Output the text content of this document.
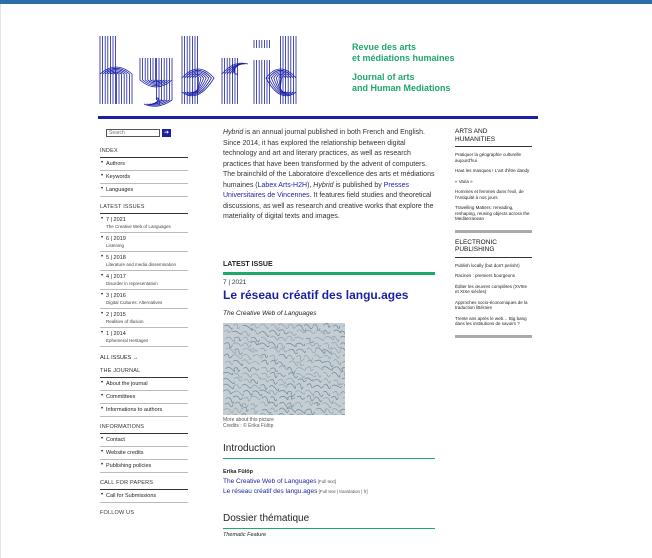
Revue des arts
et médiations humaines
Journal of arts
and Human Mediations
Search
➔
INDEX
• Authors
• Keywords
• Languages
LATEST ISSUES
• 7 | 2021
The Creative Web of Languages
• 6 | 2019
Listening
• 5 | 2018
Literature and media dissemination
• 4 | 2017
Disorder in representation
• 3 | 2016
Digital Cultures: Alternatives
• 2 | 2015
Realities of Illusion
• 1 | 2014
Ephemeral Heritages
ALL ISSUES →
THE JOURNAL
• About the journal
• Committees
• Informations to authors
INFORMATIONS
• Contact
• Website credits
• Publishing policies
CALL FOR PAPERS
• Call for Submissions
FOLLOW US

Hybrid is an annual journal published in both French and English. Since 2014, it has explored the relationship between digital technology and art and literary practices, as well as research practices that have been transformed by the advent of computers. The brainchild of the Laboratoire d'excellence des arts et médiations humaines (Labex Arts-H2H), Hybrid is published by Presses Universitaires de Vincennes. It features field studies and theoretical discussions, as well as research and creative works that explore the materiality of digital texts and images.

LATEST ISSUE
7 | 2021
Le réseau créatif des langu.ages
The Creative Web of Languages
More about this picture
Credits : © Erika Fülöp
Introduction
Erika Fülöp
The Creative Web of Languages [Full text]
Le réseau créatif des langu.ages [Full text | translation | fr]
Dossier thématique
Thematic Feature
ARTS AND
HUMANITIES
Pratiquer la géographie culturelle aujourd'hui
Haut les masques ! L'art d'être dandy
« Varia »
Hommes et femmes dans l'exil, de l'Antiquité à nos jours
Travelling Matters: rereading, reshaping, reusing objects across the Mediterranean
ELECTRONIC
PUBLISHING
Publish locally (but don't perish!)
Racines : premiers bourgeons
Éditer les œuvres complètes (XVIIIe et XIXe siècles)
Approches socio-économiques de la traduction littéraire
Trente ans après le web… Big bang dans les institutions de savoirs ?
